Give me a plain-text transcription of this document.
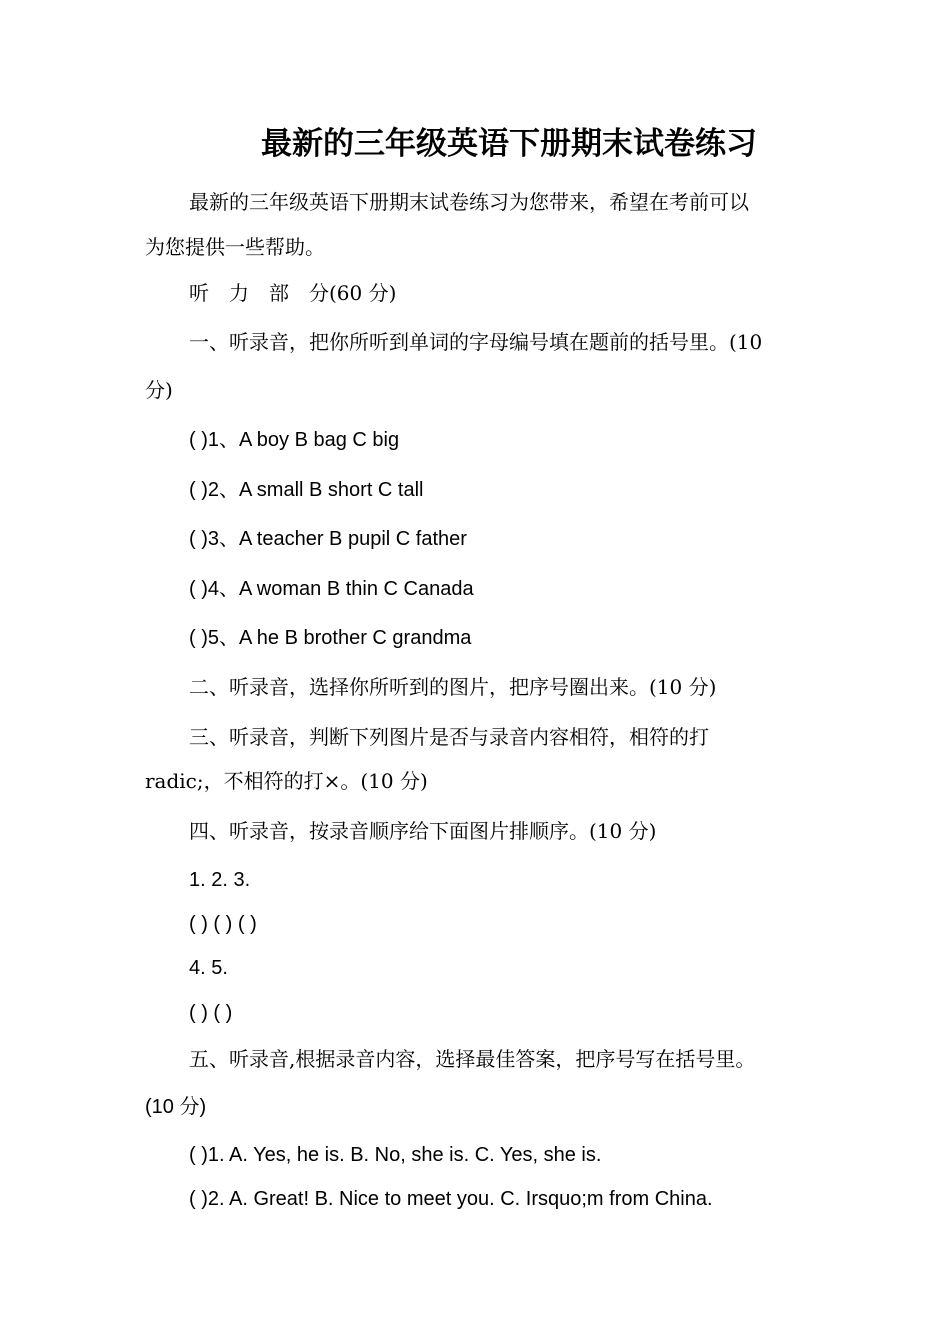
最新的三年级英语下册期末试卷练习
最新的三年级英语下册期末试卷练习为您带来，希望在考前可以
为您提供一些帮助。
听　力　部　分(60 分)
一、听录音，把你所听到单词的字母编号填在题前的括号里。(10
分)
( )1、A boy B bag C big
( )2、A small B short C tall
( )3、A teacher B pupil C father
( )4、A woman B thin C Canada
( )5、A he B brother C grandma
二、听录音，选择你所听到的图片，把序号圈出来。(10 分)
三、听录音，判断下列图片是否与录音内容相符，相符的打
radic;，不相符的打×。(10 分)
四、听录音，按录音顺序给下面图片排顺序。(10 分)
1. 2. 3.
( ) ( ) ( )
4. 5.
( ) ( )
五、听录音,根据录音内容，选择最佳答案，把序号写在括号里。
(10 分)
( )1. A. Yes, he is. B. No, she is. C. Yes, she is.
( )2. A. Great! B. Nice to meet you. C. Irsquo;m from China.
